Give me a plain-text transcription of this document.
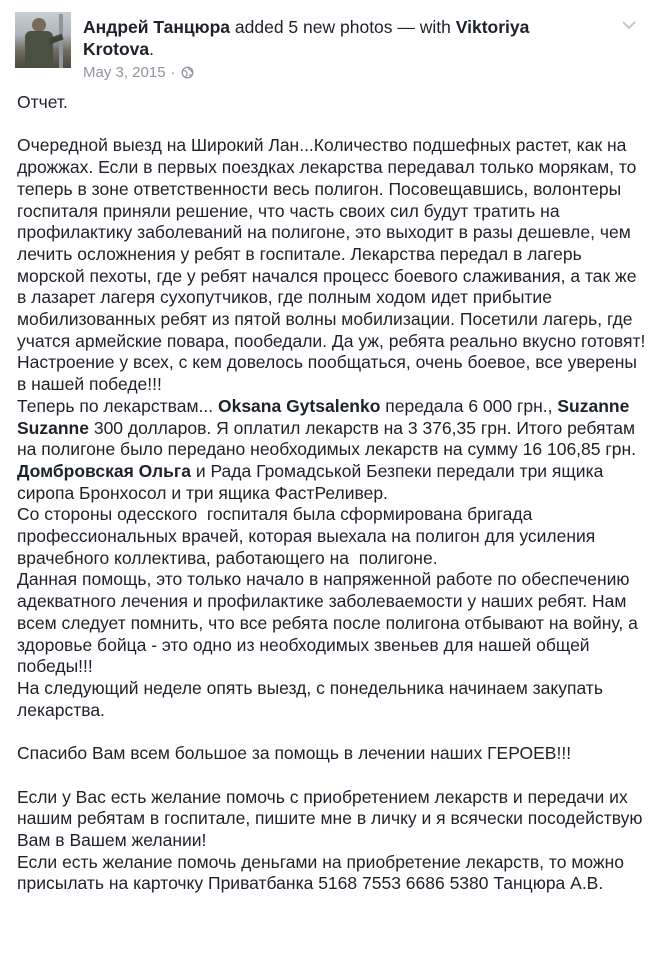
Андрей Танцюра added 5 new photos — with Viktoriya Krotova.
May 3, 2015 ·

Отчет.

Очередной выезд на Широкий Лан...Количество подшефных растет, как на дрожжах. Если в первых поездках лекарства передавал только морякам, то теперь в зоне ответственности весь полигон. Посовещавшись, волонтеры госпиталя приняли решение, что часть своих сил будут тратить на профилактику заболеваний на полигоне, это выходит в разы дешевле, чем лечить осложнения у ребят в госпитале. Лекарства передал в лагерь морской пехоты, где у ребят начался процесс боевого слаживания, а так же в лазарет лагеря сухопутчиков, где полным ходом идет прибытие мобилизованных ребят из пятой волны мобилизации. Посетили лагерь, где учатся армейские повара, пообедали. Да уж, ребята реально вкусно готовят! Настроение у всех, с кем довелось пообщаться, очень боевое, все уверены в нашей победе!!!

Теперь по лекарствам... Oksana Gytsalenko передала 6 000 грн., Suzanne Suzanne 300 долларов. Я оплатил лекарств на 3 376,35 грн. Итого ребятам на полигоне было передано необходимых лекарств на сумму 16 106,85 грн.

Домбровская Ольга и Рада Громадськой Безпеки передали три ящика сиропа Бронхосол и три ящика ФастРеливер.

Со стороны одесского  госпиталя была сформирована бригада профессиональных врачей, которая выехала на полигон для усиления врачебного коллектива, работающего на  полигоне.

Данная помощь, это только начало в напряженной работе по обеспечению адекватного лечения и профилактике заболеваемости у наших ребят. Нам всем следует помнить, что все ребята после полигона отбывают на войну, а здоровье бойца - это одно из необходимых звеньев для нашей общей победы!!!

На следующий неделе опять выезд, с понедельника начинаем закупать лекарства.

Спасибо Вам всем большое за помощь в лечении наших ГЕРОЕВ!!!

Если у Вас есть желание помочь с приобретением лекарств и передачи их нашим ребятам в госпитале, пишите мне в личку и я всячески посодействую Вам в Вашем желании!

Если есть желание помочь деньгами на приобретение лекарств, то можно присылать на карточку Приватбанка 5168 7553 6686 5380 Танцюра А.В.
